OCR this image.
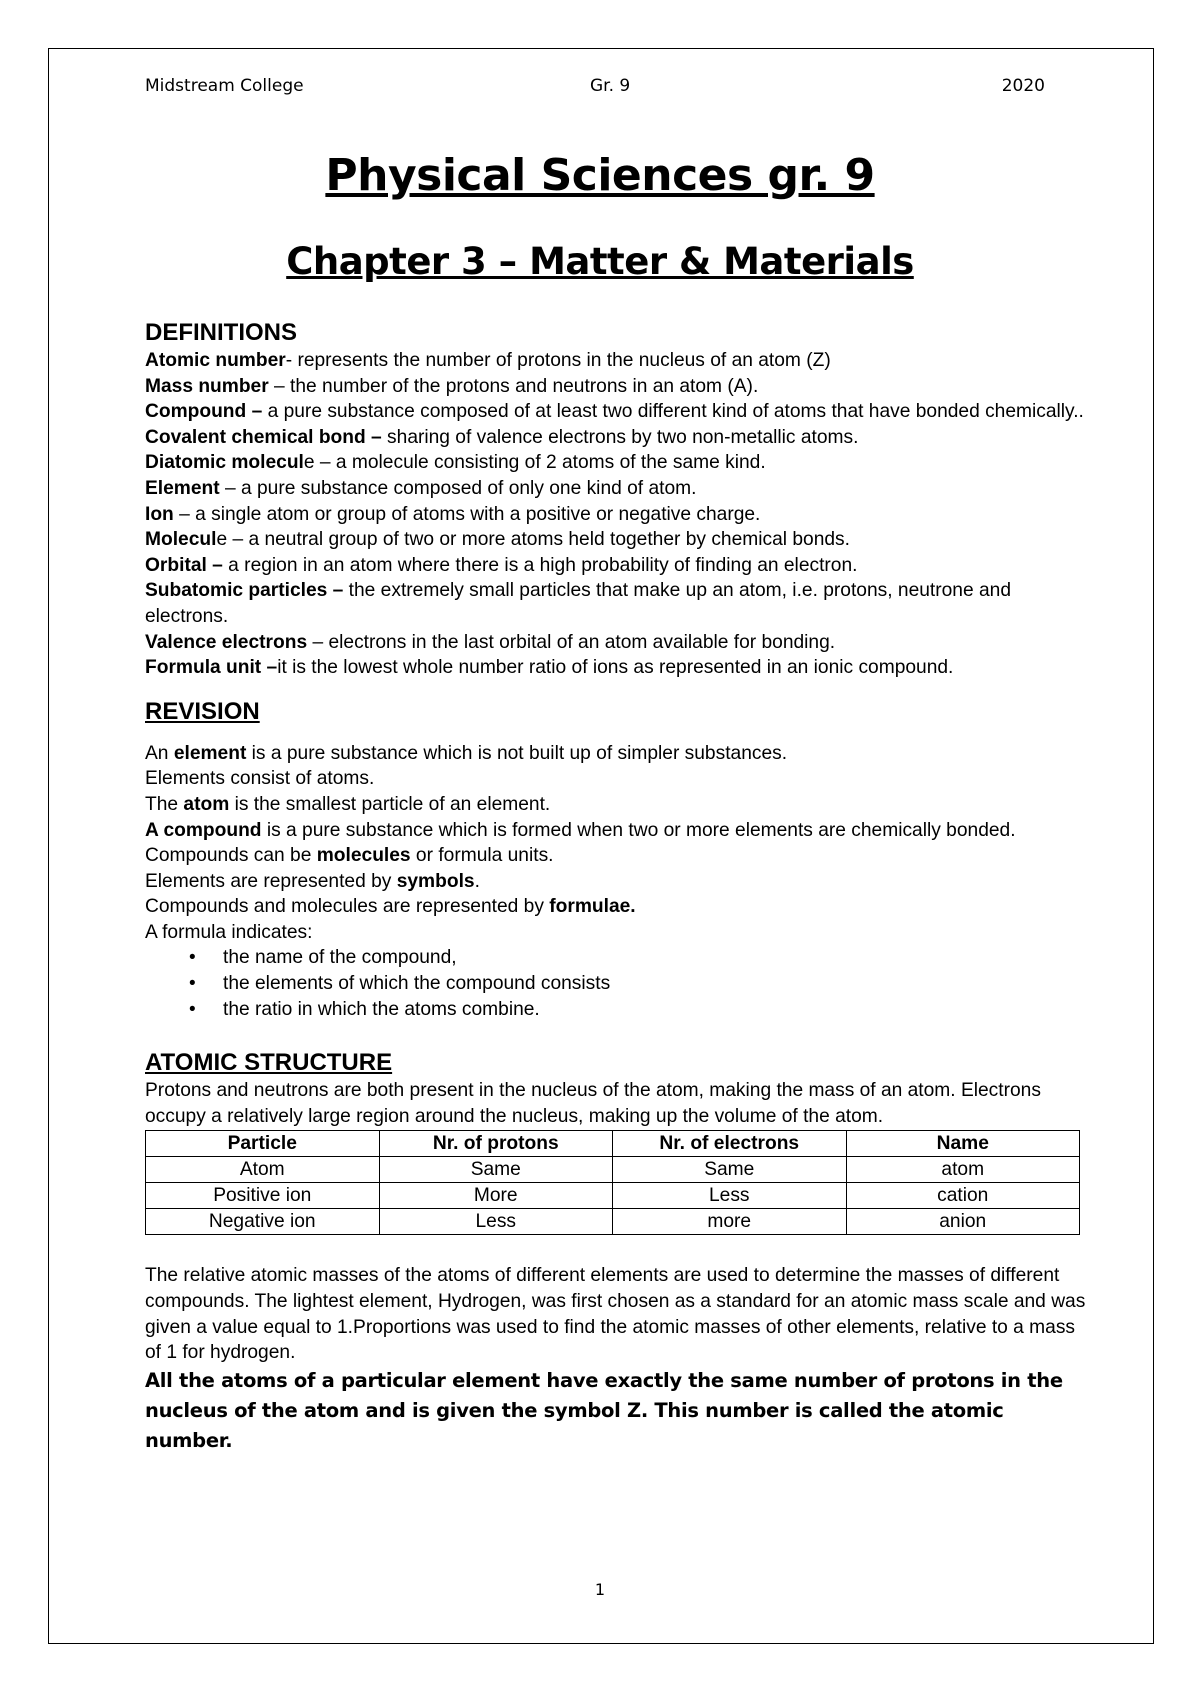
Midstream College	Gr. 9	2020
Physical Sciences gr. 9
Chapter 3 – Matter & Materials

DEFINITIONS

Atomic number- represents the number of protons in the nucleus of an atom (Z)

Mass number – the number of the protons and neutrons in an atom (A).

Compound – a pure substance composed of at least two different kind of atoms that have bonded chemically..

Covalent chemical bond – sharing of valence electrons by two non-metallic atoms.

Diatomic molecule – a molecule consisting of 2 atoms of the same kind.

Element – a pure substance composed of only one kind of atom.

Ion – a single atom or group of atoms with a positive or negative charge.

Molecule – a neutral group of two or more atoms held together by chemical bonds.

Orbital – a region in an atom where there is a high probability of finding an electron.

Subatomic particles – the extremely small particles that make up an atom, i.e. protons, neutrone and electrons.

Valence electrons – electrons in the last orbital of an atom available for bonding.

Formula unit –it is the lowest whole number ratio of ions as represented in an ionic compound.

REVISION

An element is a pure substance which is not built up of simpler substances.

Elements consist of atoms.

The atom is the smallest particle of an element.

A compound is a pure substance which is formed when two or more elements are chemically bonded.

Compounds can be molecules or formula units.

Elements are represented by symbols.

Compounds and molecules are represented by formulae.

A formula indicates:

• the name of the compound,
• the elements of which the compound consists
• the ratio in which the atoms combine.

ATOMIC STRUCTURE

Protons and neutrons are both present in the nucleus of the atom, making the mass of an atom. Electrons occupy a relatively large region around the nucleus, making up the volume of the atom.

Particle	Nr. of protons	Nr. of electrons	Name
Atom	Same	Same	atom
Positive ion	More	Less	cation
Negative ion	Less	more	anion

The relative atomic masses of the atoms of different elements are used to determine the masses of different compounds. The lightest element, Hydrogen, was first chosen as a standard for an atomic mass scale and was given a value equal to 1.Proportions was used to find the atomic masses of other elements, relative to a mass of 1 for hydrogen.

All the atoms of a particular element have exactly the same number of protons in the nucleus of the atom and is given the symbol Z. This number is called the atomic number.

1
